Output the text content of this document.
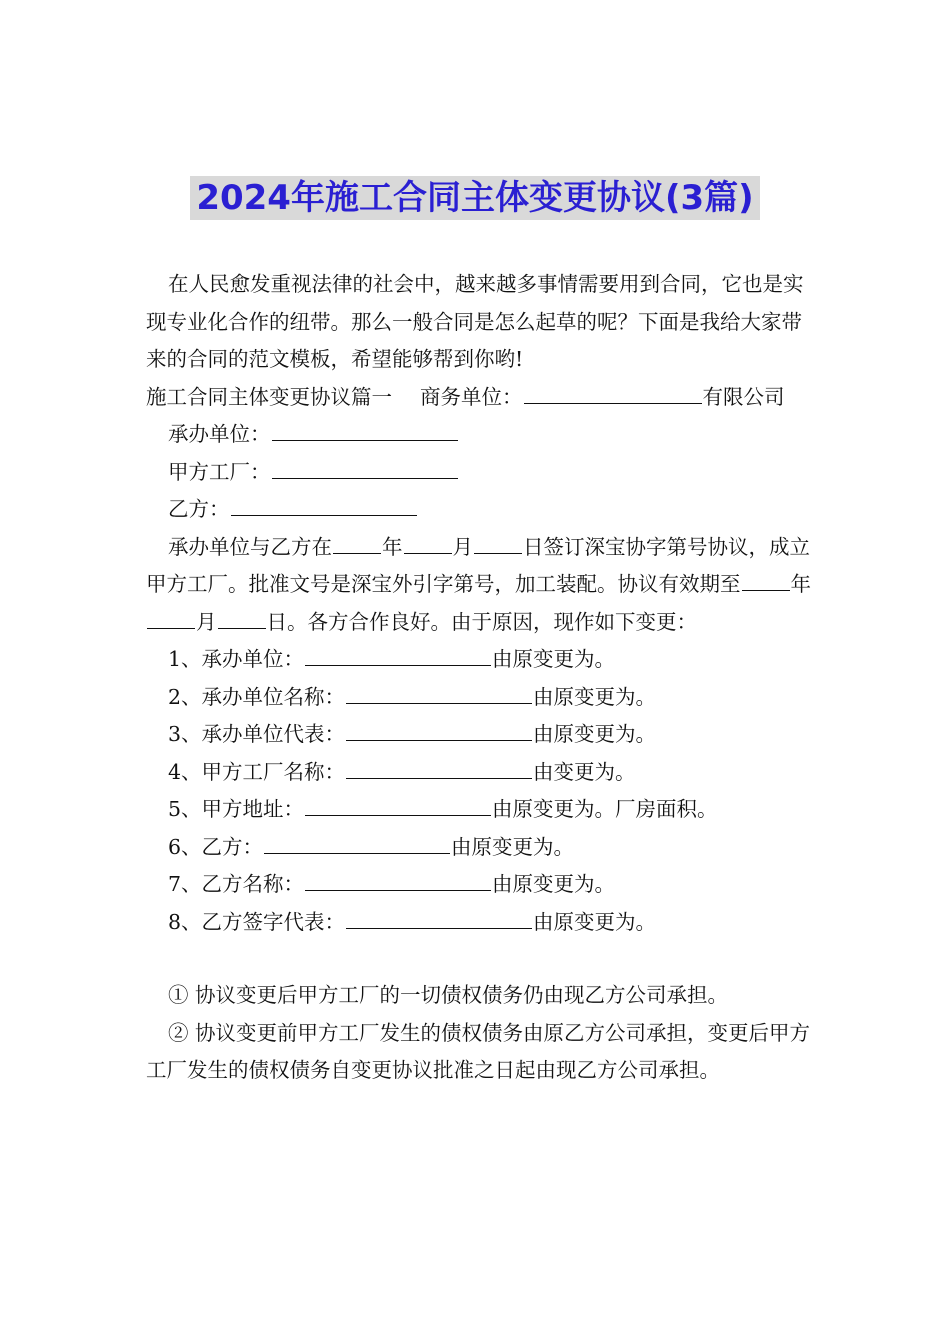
2024年施工合同主体变更协议(3篇)

在人民愈发重视法律的社会中，越来越多事情需要用到合同，它也是实现专业化合作的纽带。那么一般合同是怎么起草的呢？下面是我给大家带来的合同的范文模板，希望能够帮到你哟!

施工合同主体变更协议篇一 商务单位：	有限公司

承办单位：

甲方工厂：

乙方：

承办单位与乙方在 年 月 日签订深宝协字第号协议，成立甲方工厂。批准文号是深宝外引字第号，加工装配。协议有效期至 年月 日。各方合作良好。由于原因，现作如下变更：

1、承办单位：	由原变更为。

2、承办单位名称：	由原变更为。

3、承办单位代表：	由原变更为。

4、甲方工厂名称：	由变更为。

5、甲方地址：	由原变更为。厂房面积。

6、乙方：	由原变更为。

7、乙方名称：	由原变更为。

8、乙方签字代表：	由原变更为。

① 协议变更后甲方工厂的一切债权债务仍由现乙方公司承担。

② 协议变更前甲方工厂发生的债权债务由原乙方公司承担，变更后甲方工厂发生的债权债务自变更协议批准之日起由现乙方公司承担。
